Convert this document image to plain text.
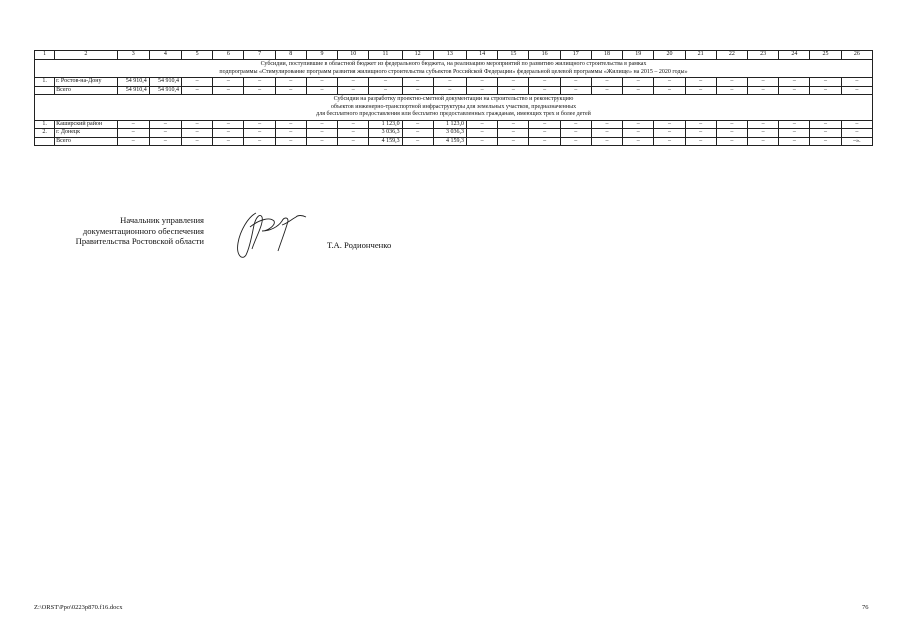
1	2	3	4	5	6	7	8	9	10	11	12	13	14	15	16	17	18	19	20	21	22	23	24	25	26
Субсидии, поступившие в областной бюджет из федерального бюджета, на реализацию мероприятий по развитию жилищного строительства в рамках
подпрограммы «Стимулирование программ развития жилищного строительства субъектов Российской Федерации» федеральной целевой программы «Жилище» на 2015 – 2020 годы»																									
1.	г. Ростов-на-Дону	54 910,4	54 910,4	–	–	–	–	–	–	–	–	–	–	–	–	–	–	–	–	–	–	–	–	–	–
	Всего	54 910,4	54 910,4	–	–	–	–	–	–	–	–	–	–	–	–	–	–	–	–	–	–	–	–	–	–
Субсидии на разработку проектно-сметной документации на строительство и реконструкцию
объектов инженерно-транспортной инфраструктуры для земельных участков, предназначенных
для бесплатного предоставления или бесплатно предоставленных гражданам, имеющих трех и более детей																									
1.	Каширский район	–	–	–	–	–	–	–	–	1 123,0	–	1 123,0	–	–	–	–	–	–	–	–	–	–	–	–	–
2.	г. Донецк	–	–	–	–	–	–	–	–	3 036,3	–	3 036,3	–	–	–	–	–	–	–	–	–	–	–	–	–
	Всего	–	–	–	–	–	–	–	–	4 159,3	–	4 159,3	–	–	–	–	–	–	–	–	–	–	–	–	–».
Начальник управления
документационного обеспечения
Правительства Ростовской области	Т.А. Родионченко
Z:\ORST\Ppo\0223p870.f16.docx	76
